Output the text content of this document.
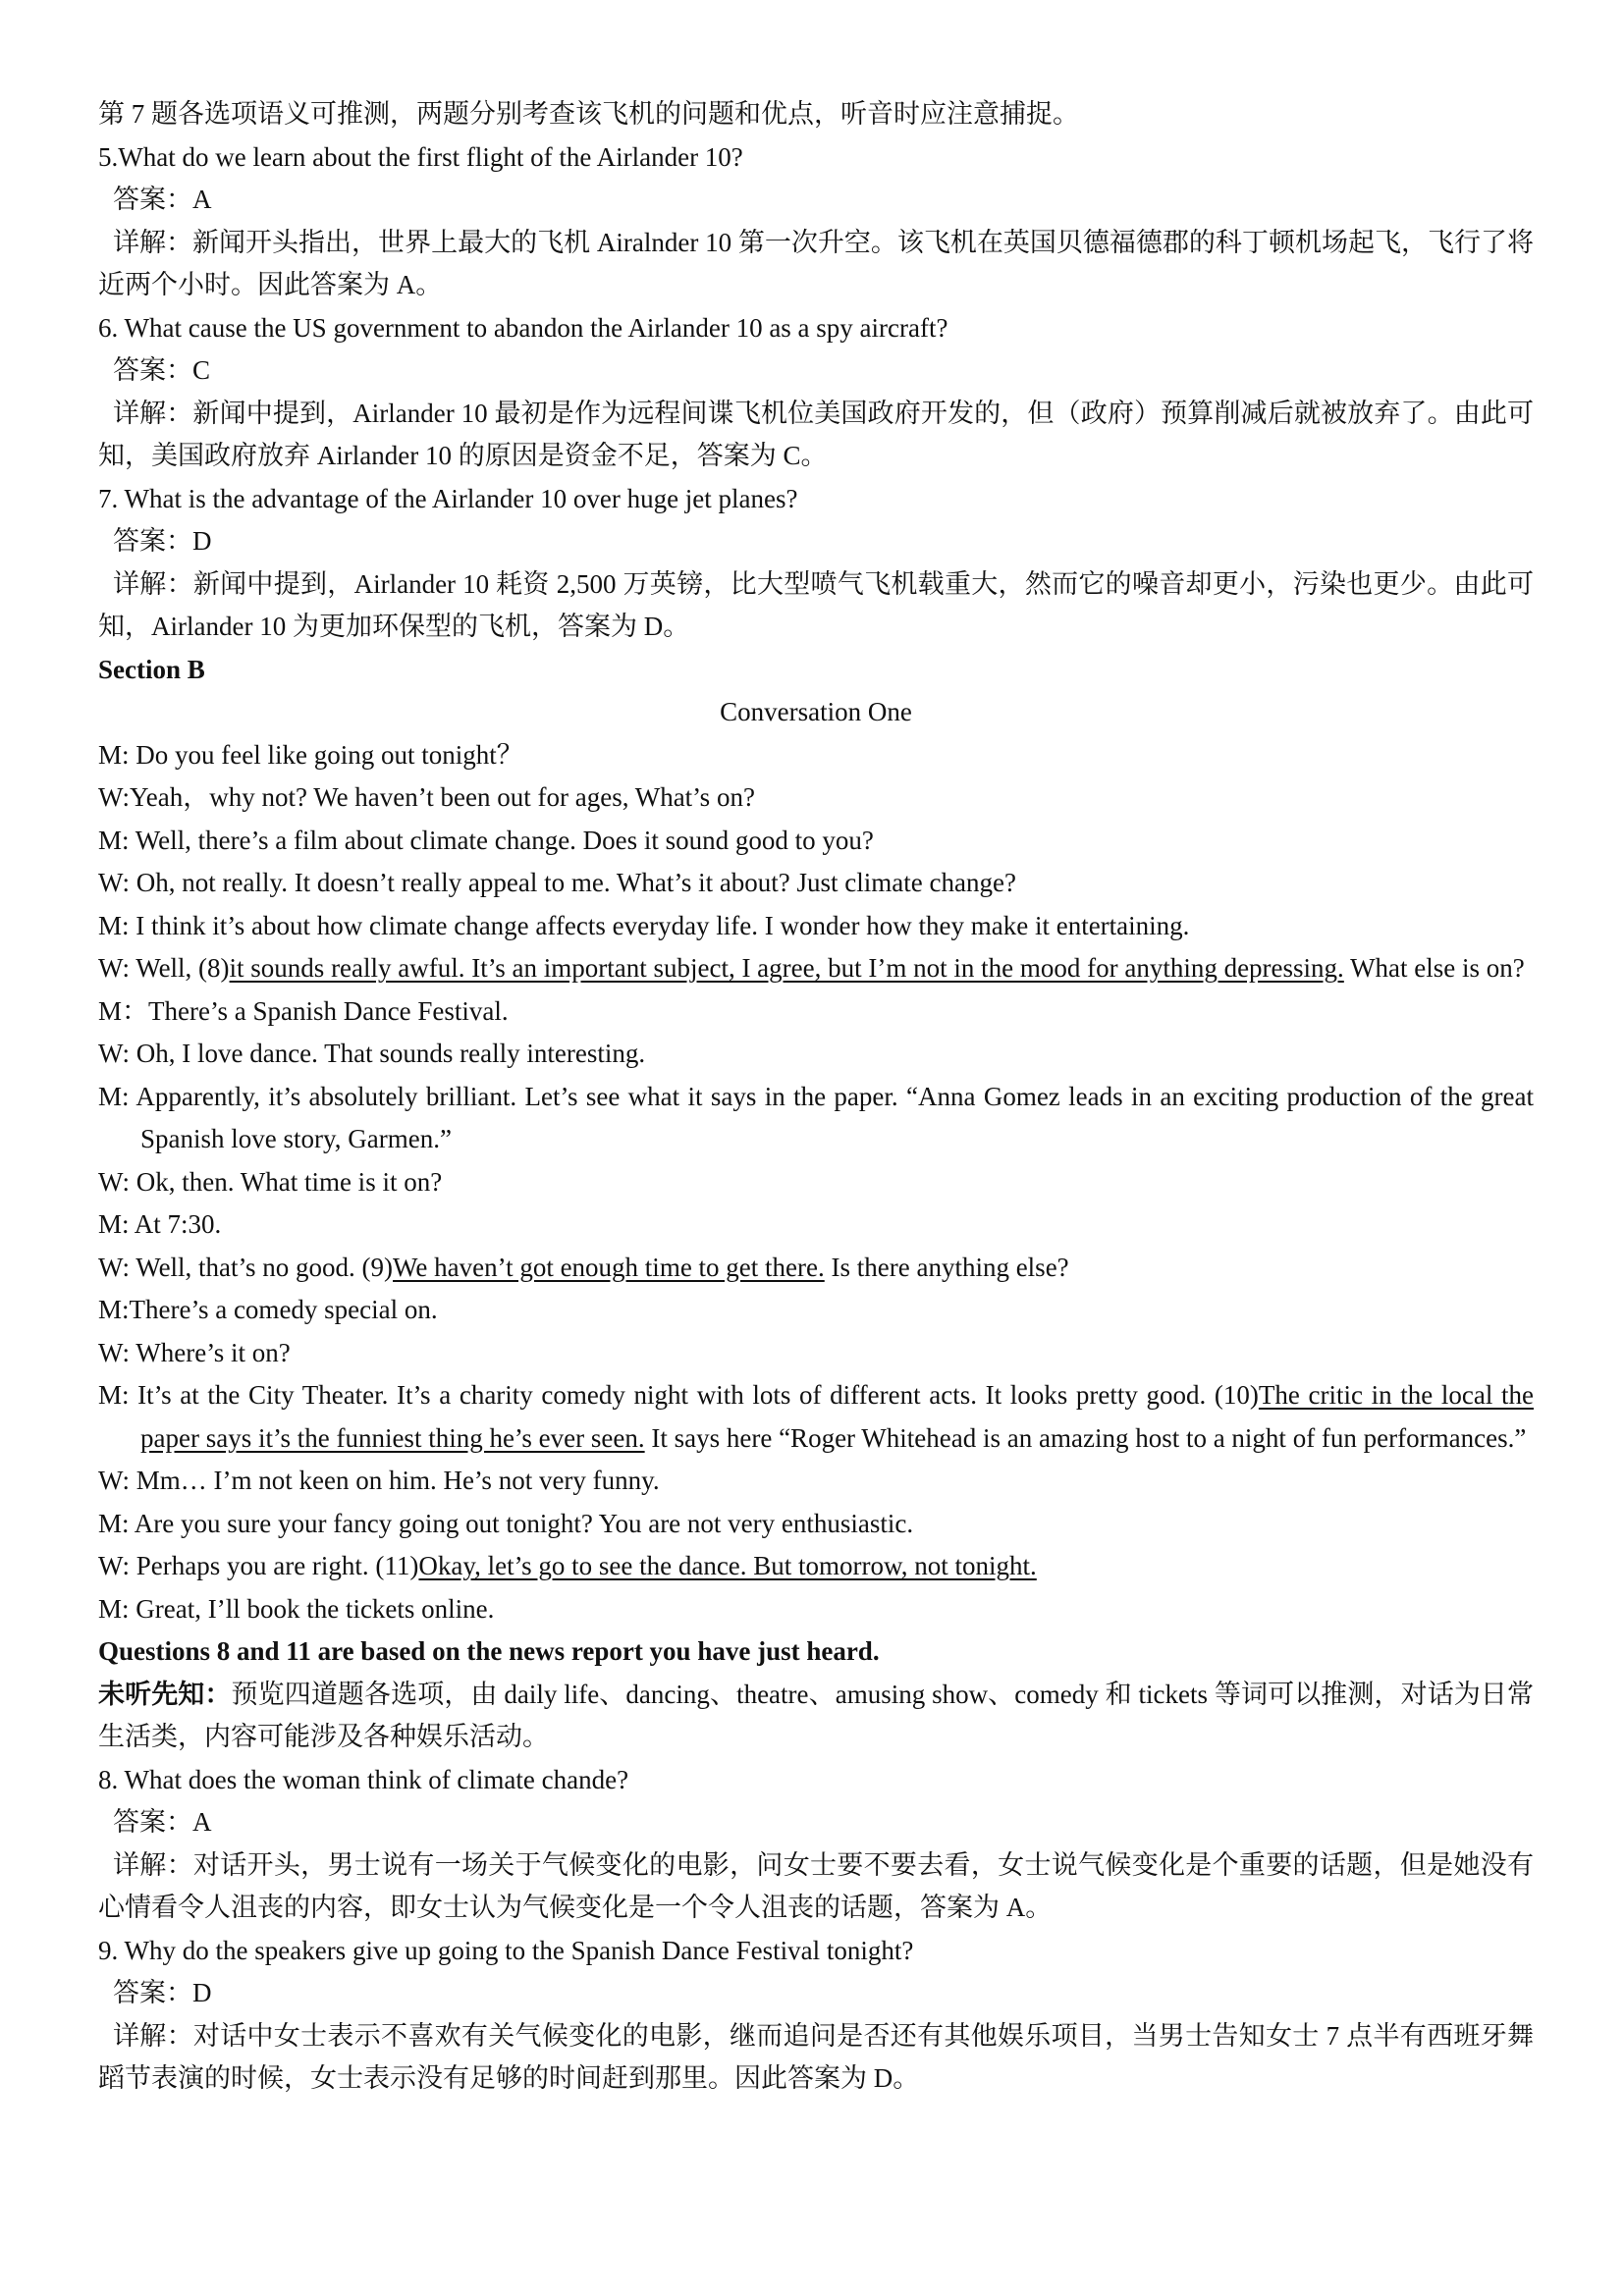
第 7 题各选项语义可推测，两题分别考查该飞机的问题和优点，听音时应注意捕捉。

5.What do we learn about the first flight of the Airlander 10?

答案：A

详解：新闻开头指出，世界上最大的飞机 Airalnder 10 第一次升空。该飞机在英国贝德福德郡的科丁顿机场起飞，飞行了将近两个小时。因此答案为 A。

6. What cause the US government to abandon the Airlander 10 as a spy aircraft?

答案：C

详解：新闻中提到，Airlander 10 最初是作为远程间谍飞机位美国政府开发的，但（政府）预算削减后就被放弃了。由此可知，美国政府放弃 Airlander 10 的原因是资金不足，答案为 C。

7. What is the advantage of the Airlander 10 over huge jet planes?

答案：D

详解：新闻中提到，Airlander 10 耗资 2,500 万英镑，比大型喷气飞机载重大，然而它的噪音却更小，污染也更少。由此可知，Airlander 10 为更加环保型的飞机，答案为 D。

Section B

Conversation One

M: Do you feel like going out tonight？

W:Yeah，why not? We haven’t been out for ages, What’s on?

M: Well, there’s a film about climate change. Does it sound good to you?

W: Oh, not really. It doesn’t really appeal to me. What’s it about? Just climate change?

M: I think it’s about how climate change affects everyday life. I wonder how they make it entertaining.

W: Well, (8)it sounds really awful. It’s an important subject, I agree, but I’m not in the mood for anything depressing. What else is on?

M：There’s a Spanish Dance Festival.

W: Oh, I love dance. That sounds really interesting.

M: Apparently, it’s absolutely brilliant. Let’s see what it says in the paper. “Anna Gomez leads in an exciting production of the great Spanish love story, Garmen.”

W: Ok, then. What time is it on?

M: At 7:30.

W: Well, that’s no good. (9)We haven’t got enough time to get there. Is there anything else?

M:There’s a comedy special on.

W: Where’s it on?

M: It’s at the City Theater. It’s a charity comedy night with lots of different acts. It looks pretty good. (10)The critic in the local the paper says it’s the funniest thing he’s ever seen. It says here “Roger Whitehead is an amazing host to a night of fun performances.”

W: Mm… I’m not keen on him. He’s not very funny.

M: Are you sure your fancy going out tonight? You are not very enthusiastic.

W: Perhaps you are right. (11)Okay, let’s go to see the dance. But tomorrow, not tonight.

M: Great, I’ll book the tickets online.

Questions 8 and 11 are based on the news report you have just heard.

未听先知：预览四道题各选项，由 daily life、dancing、theatre、amusing show、comedy 和 tickets 等词可以推测，对话为日常生活类，内容可能涉及各种娱乐活动。

8. What does the woman think of climate chande?

答案：A

详解：对话开头，男士说有一场关于气候变化的电影，问女士要不要去看，女士说气候变化是个重要的话题，但是她没有心情看令人沮丧的内容，即女士认为气候变化是一个令人沮丧的话题，答案为 A。

9. Why do the speakers give up going to the Spanish Dance Festival tonight?

答案：D

详解：对话中女士表示不喜欢有关气候变化的电影，继而追问是否还有其他娱乐项目，当男士告知女士 7 点半有西班牙舞蹈节表演的时候，女士表示没有足够的时间赶到那里。因此答案为 D。
